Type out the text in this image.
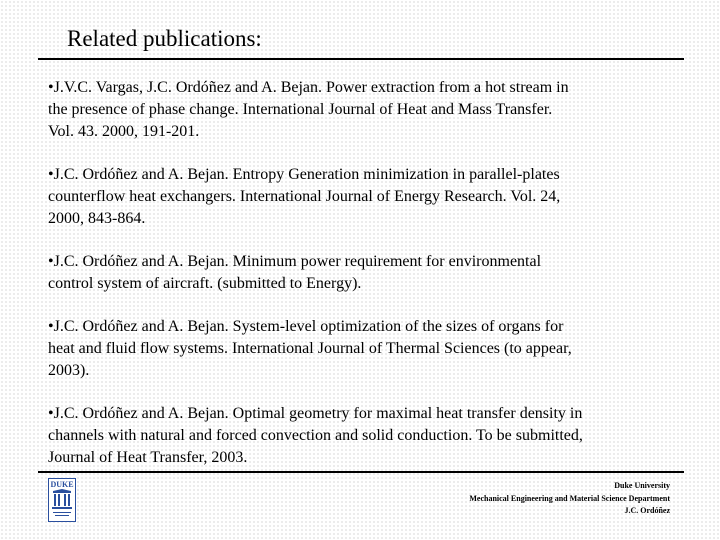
Related publications:
•J.V.C. Vargas, J.C. Ordóñez and A. Bejan. Power extraction from a hot stream in
the presence of phase change. International Journal of Heat and Mass Transfer.
Vol. 43. 2000, 191-201.
•J.C. Ordóñez and A. Bejan. Entropy Generation minimization in parallel-plates
counterflow heat exchangers. International Journal of Energy Research. Vol. 24,
2000, 843-864.
•J.C. Ordóñez and A. Bejan. Minimum power requirement for environmental
control system of aircraft. (submitted to Energy).
•J.C. Ordóñez and A. Bejan. System-level optimization of the sizes of organs for
heat and fluid flow systems. International Journal of Thermal Sciences (to appear,
2003).
•J.C. Ordóñez and A. Bejan. Optimal geometry for maximal heat transfer density in
channels with natural and forced convection and solid conduction. To be submitted,
Journal of Heat Transfer, 2003.
DUKE	Duke University
Mechanical Engineering and Material Science Department
J.C. Ordóñez
